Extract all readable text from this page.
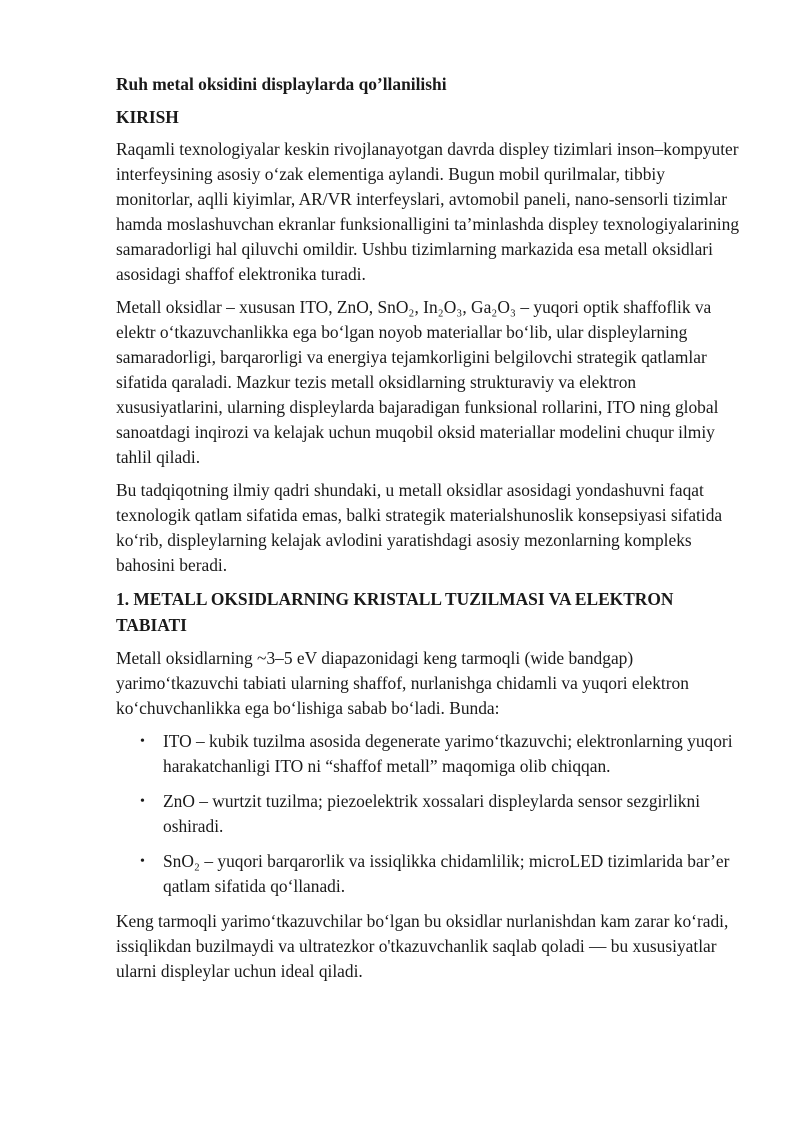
Ruh metal oksidini displaylarda qo’llanilishi
KIRISH

Raqamli texnologiyalar keskin rivojlanayotgan davrda displey tizimlari inson–kompyuter interfeysining asosiy o‘zak elementiga aylandi. Bugun mobil qurilmalar, tibbiy monitorlar, aqlli kiyimlar, AR/VR interfeyslari, avtomobil paneli, nano-sensorli tizimlar hamda moslashuvchan ekranlar funksionalligini ta’minlashda displey texnologiyalarining samaradorligi hal qiluvchi omildir. Ushbu tizimlarning markazida esa metall oksidlari asosidagi shaffof elektronika turadi.

Metall oksidlar – xususan ITO, ZnO, SnO₂, In₂O₃, Ga₂O₃ – yuqori optik shaffoflik va elektr o‘tkazuvchanlikka ega bo‘lgan noyob materiallar bo‘lib, ular displeylarning samaradorligi, barqarorligi va energiya tejamkorligini belgilovchi strategik qatlamlar sifatida qaraladi. Mazkur tezis metall oksidlarning strukturaviy va elektron xususiyatlarini, ularning displeylarda bajaradigan funksional rollarini, ITO ning global sanoatdagi inqirozi va kelajak uchun muqobil oksid materiallar modelini chuqur ilmiy tahlil qiladi.

Bu tadqiqotning ilmiy qadri shundaki, u metall oksidlar asosidagi yondashuvni faqat texnologik qatlam sifatida emas, balki strategik materialshunoslik konsepsiyasi sifatida ko‘rib, displeylarning kelajak avlodini yaratishdagi asosiy mezonlarning kompleks bahosini beradi.

1. METALL OKSIDLARNING KRISTALL TUZILMASI VA ELEKTRON TABIATI

Metall oksidlarning ~3–5 eV diapazonidagi keng tarmoqli (wide bandgap) yarimo‘tkazuvchi tabiati ularning shaffof, nurlanishga chidamli va yuqori elektron ko‘chuvchanlikka ega bo‘lishiga sabab bo‘ladi. Bunda:

• ITO – kubik tuzilma asosida degenerate yarimo‘tkazuvchi; elektronlarning yuqori harakatchanligi ITO ni “shaffof metall” maqomiga olib chiqqan.
• ZnO – wurtzit tuzilma; piezoelektrik xossalari displeylarda sensor sezgirlikni oshiradi.
• SnO₂ – yuqori barqarorlik va issiqlikka chidamlilik; microLED tizimlarida bar’er qatlam sifatida qo‘llanadi.

Keng tarmoqli yarimo‘tkazuvchilar bo‘lgan bu oksidlar nurlanishdan kam zarar ko‘radi, issiqlikdan buzilmaydi va ultratezkor o'tkazuvchanlik saqlab qoladi — bu xususiyatlar ularni displeylar uchun ideal qiladi.
